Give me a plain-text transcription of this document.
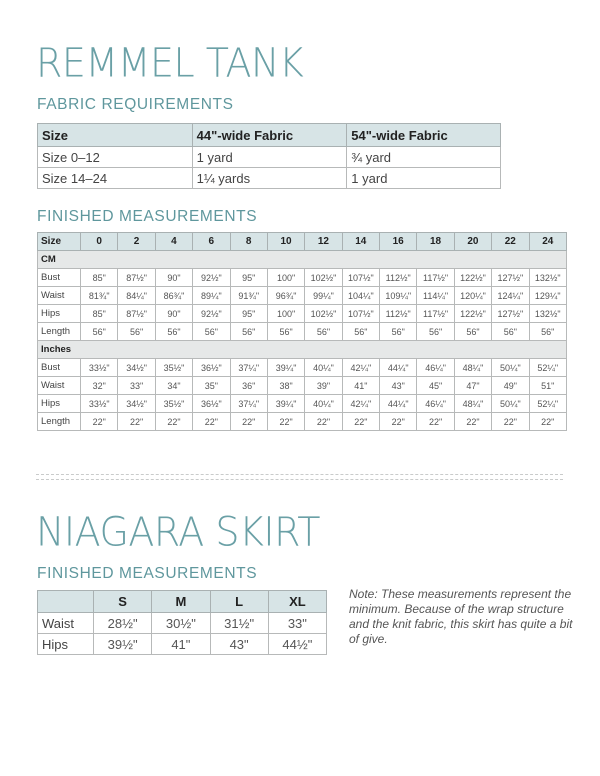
REMMEL TANK
FABRIC REQUIREMENTS
Size	44"-wide Fabric	54"-wide Fabric
Size 0–12	1 yard	¾ yard
Size 14–24	1¼ yards	1 yard
FINISHED MEASUREMENTS
Size	0	2	4	6	8	10	12	14	16	18	20	22	24
CM													
Bust	85"	87½"	90"	92½"	95"	100"	102½"	107½"	112½"	117½"	122½"	127½"	132½"
Waist	81¾"	84¼"	86¾"	89¼"	91¾"	96¾"	99¼"	104¼"	109¼"	114¼"	120¼"	124¼"	129¼"
Hips	85"	87½"	90"	92½"	95"	100"	102½"	107½"	112½"	117½"	122½"	127½"	132½"
Length	56"	56"	56"	56"	56"	56"	56"	56"	56"	56"	56"	56"	56"
Inches													
Bust	33½"	34½"	35½"	36½"	37¼"	39¼"	40¼"	42¼"	44¼"	46¼"	48¼"	50¼"	52¼"
Waist	32"	33"	34"	35"	36"	38"	39"	41"	43"	45"	47"	49"	51"
Hips	33½"	34½"	35½"	36½"	37¼"	39¼"	40¼"	42¼"	44¼"	46¼"	48¼"	50¼"	52¼"
Length	22"	22"	22"	22"	22"	22"	22"	22"	22"	22"	22"	22"	22"
NIAGARA SKIRT
FINISHED MEASUREMENTS
	S	M	L	XL
Waist	28½"	30½"	31½"	33"
Hips	39½"	41"	43"	44½"
Note: These measurements represent the minimum. Because of the wrap structure and the knit fabric, this skirt has quite a bit of give.
